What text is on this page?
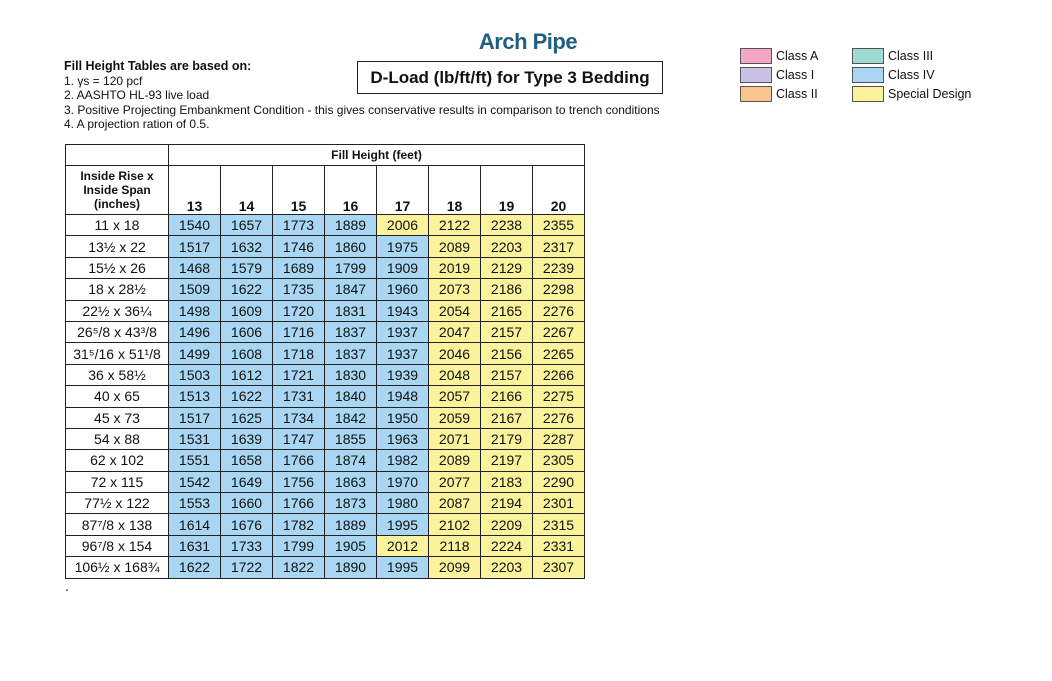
Arch Pipe
Fill Height Tables are based on:
1. γs = 120 pcf
2. AASHTO HL-93 live load
3. Positive Projecting Embankment Condition - this gives conservative results in comparison to trench conditions
4. A projection ration of 0.5.
D-Load (lb/ft/ft) for Type 3 Bedding
Class A
Class I
Class II
Class III
Class IV
Special Design
	Fill Height (feet)							

Inside Rise x
Inside Span
(inches)	13	14	15	16	17	18	19	20
11 x 18	1540	1657	1773	1889	2006	2122	2238	2355
13½ x 22	1517	1632	1746	1860	1975	2089	2203	2317
15½ x 26	1468	1579	1689	1799	1909	2019	2129	2239
18 x 28½	1509	1622	1735	1847	1960	2073	2186	2298
22½ x 36¼	1498	1609	1720	1831	1943	2054	2165	2276
26⁵/8 x 43³/8	1496	1606	1716	1837	1937	2047	2157	2267
31⁵/16 x 51¹/8	1499	1608	1718	1837	1937	2046	2156	2265
36 x 58½	1503	1612	1721	1830	1939	2048	2157	2266
40 x 65	1513	1622	1731	1840	1948	2057	2166	2275
45 x 73	1517	1625	1734	1842	1950	2059	2167	2276
54 x 88	1531	1639	1747	1855	1963	2071	2179	2287
62 x 102	1551	1658	1766	1874	1982	2089	2197	2305
72 x 115	1542	1649	1756	1863	1970	2077	2183	2290
77½ x 122	1553	1660	1766	1873	1980	2087	2194	2301
87⁷/8 x 138	1614	1676	1782	1889	1995	2102	2209	2315
96⁷/8 x 154	1631	1733	1799	1905	2012	2118	2224	2331
106½ x 168¾	1622	1722	1822	1890	1995	2099	2203	2307
.
